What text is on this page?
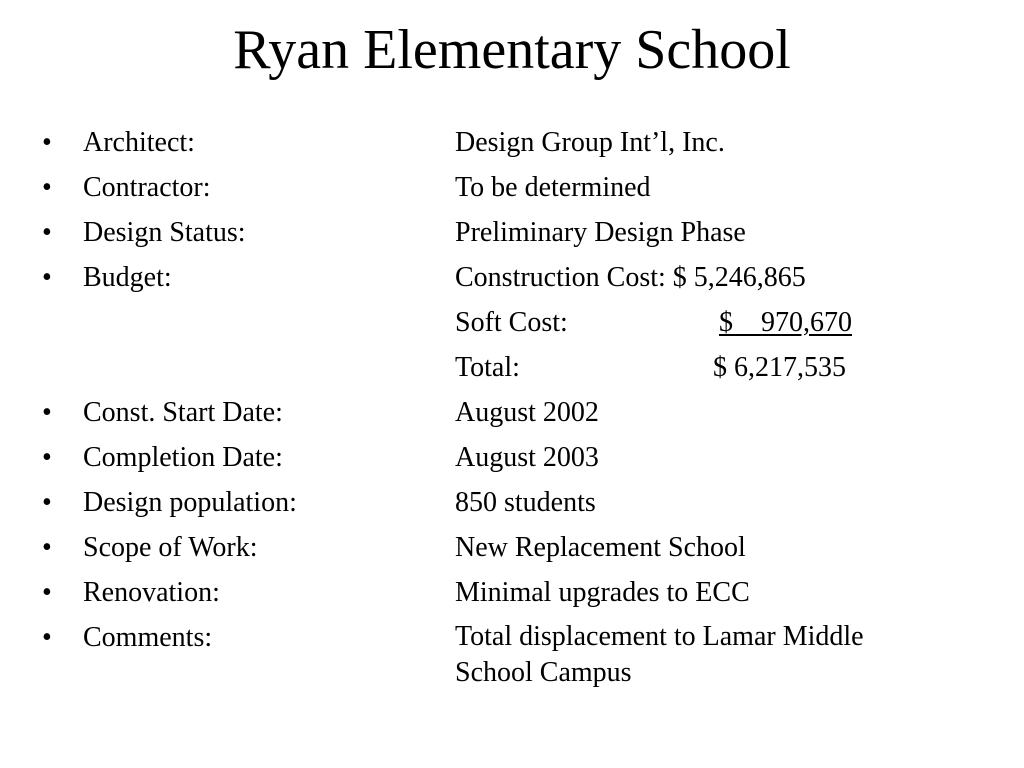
Ryan Elementary School
• Architect:	Design Group Int’l, Inc.
• Contractor:	To be determined
• Design Status:	Preliminary Design Phase
• Budget:	Construction Cost: $ 5,246,865
Soft Cost:	$    970,670
Total:	$ 6,217,535
• Const. Start Date:	August 2002
• Completion Date:	August 2003
• Design population:	850 students
• Scope of Work:	New Replacement School
• Renovation:	Minimal upgrades to ECC
• Comments:	Total displacement to Lamar Middle School Campus
